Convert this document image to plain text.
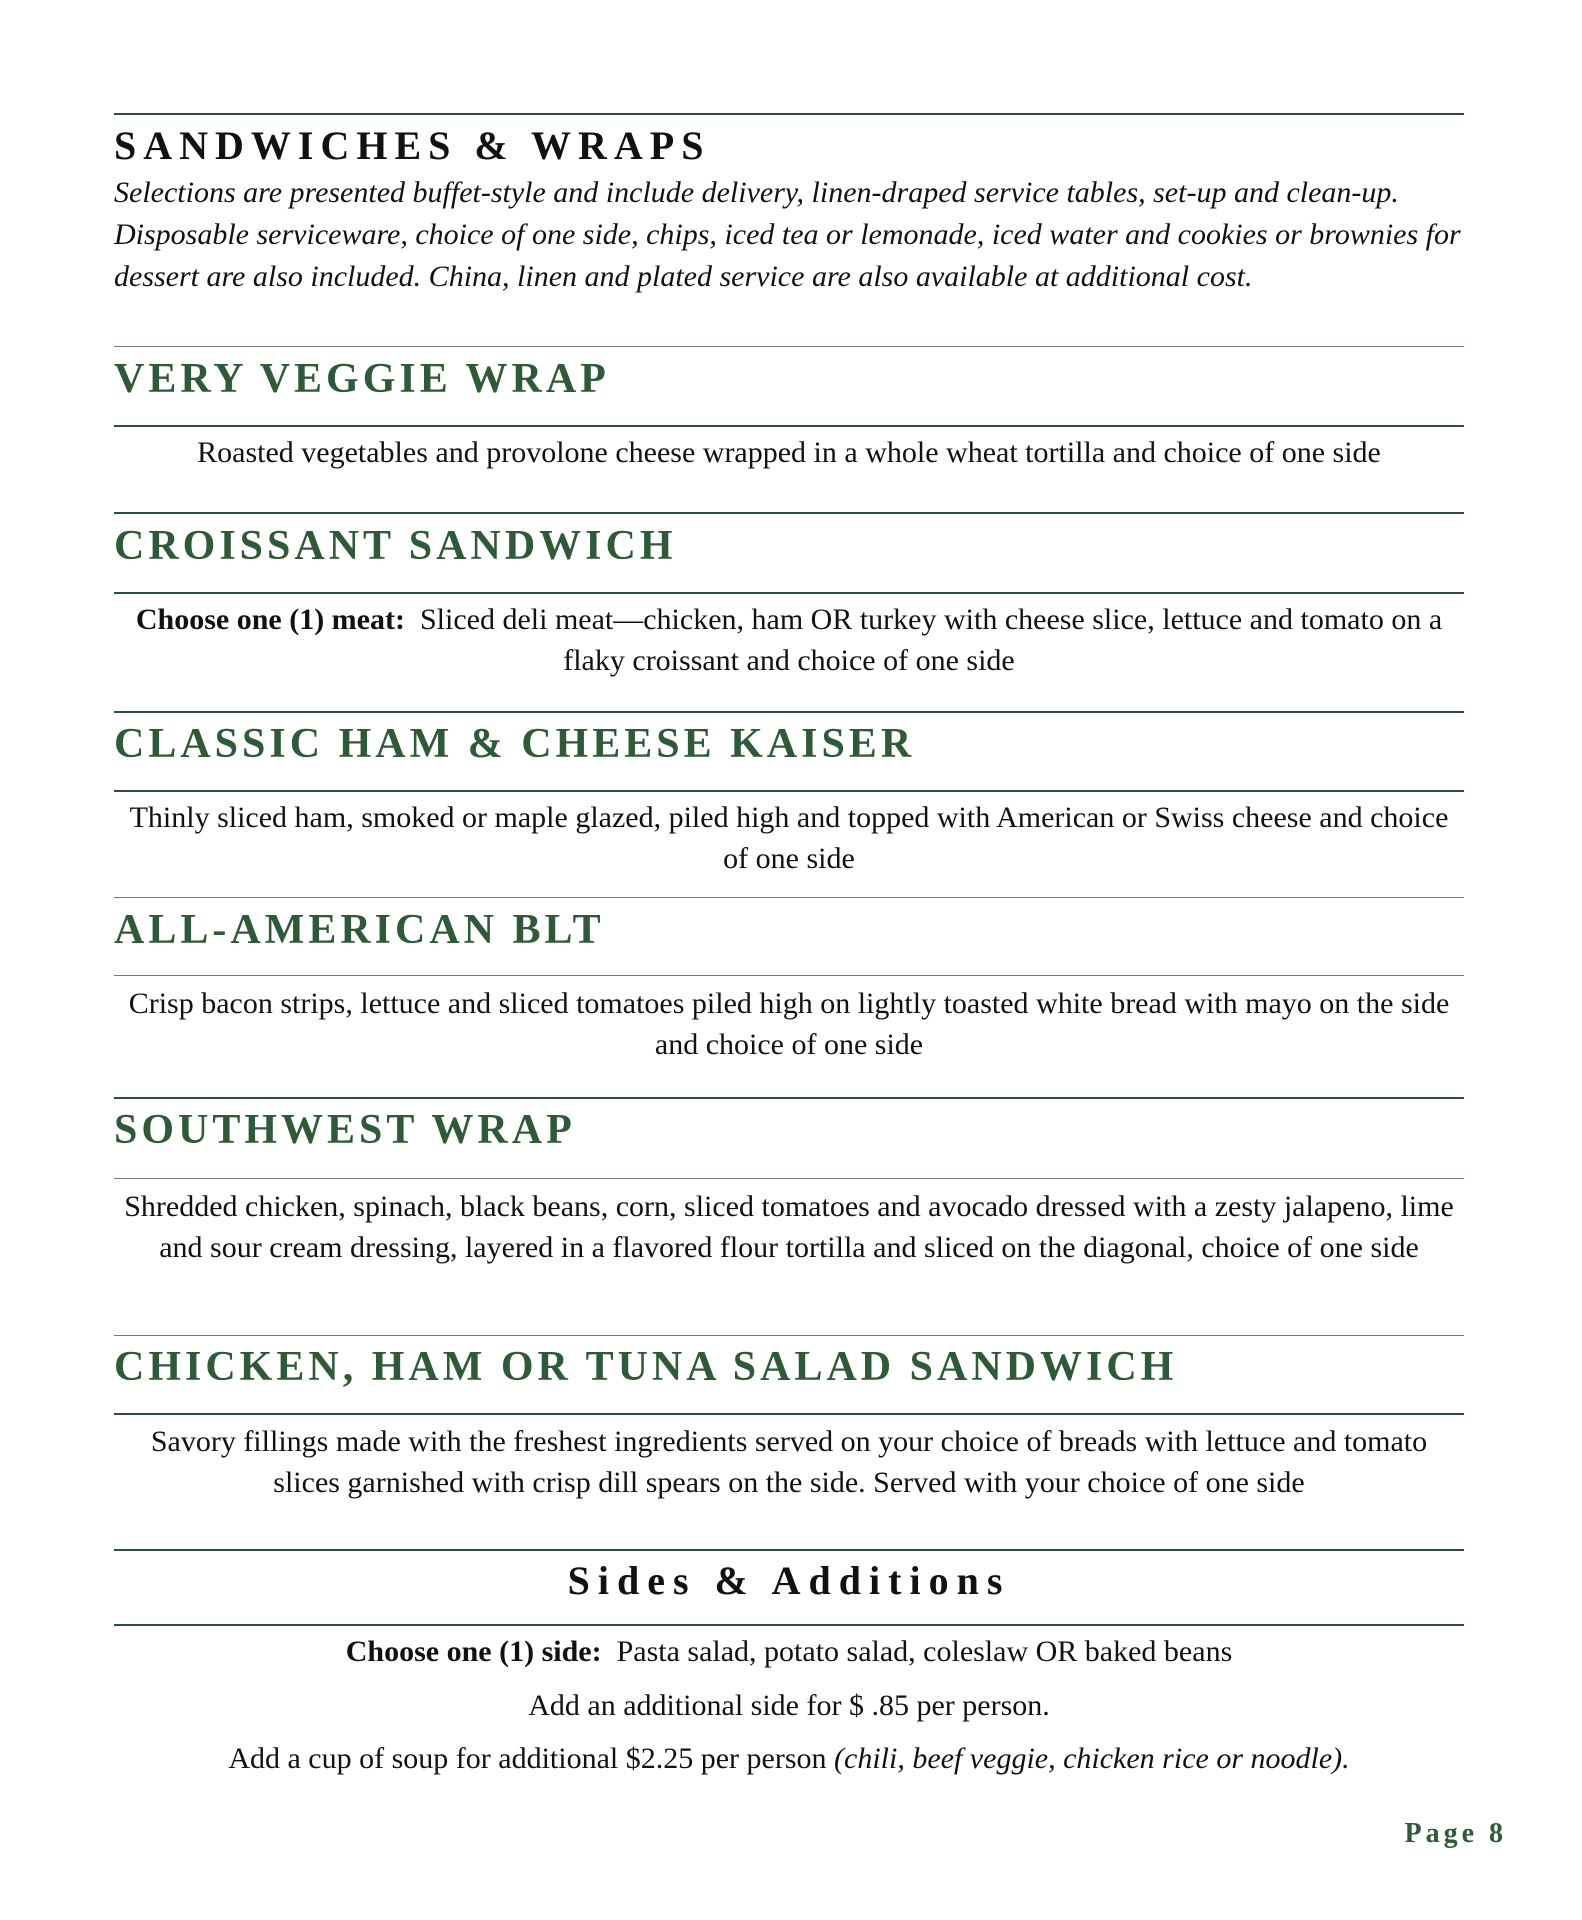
SANDWICHES & WRAPS
Selections are presented buffet-style and include delivery, linen-draped service tables, set-up and clean-up. Disposable serviceware, choice of one side, chips, iced tea or lemonade, iced water and cookies or brownies for dessert are also included. China, linen and plated service are also available at additional cost.
VERY VEGGIE WRAP
Roasted vegetables and provolone cheese wrapped in a whole wheat tortilla and choice of one side
CROISSANT SANDWICH
Choose one (1) meat: Sliced deli meat—chicken, ham OR turkey with cheese slice, lettuce and tomato on a flaky croissant and choice of one side
CLASSIC HAM & CHEESE KAISER
Thinly sliced ham, smoked or maple glazed, piled high and topped with American or Swiss cheese and choice of one side
ALL-AMERICAN BLT
Crisp bacon strips, lettuce and sliced tomatoes piled high on lightly toasted white bread with mayo on the side and choice of one side
SOUTHWEST WRAP
Shredded chicken, spinach, black beans, corn, sliced tomatoes and avocado dressed with a zesty jalapeno, lime and sour cream dressing, layered in a flavored flour tortilla and sliced on the diagonal, choice of one side
CHICKEN, HAM OR TUNA SALAD SANDWICH
Savory fillings made with the freshest ingredients served on your choice of breads with lettuce and tomato slices garnished with crisp dill spears on the side. Served with your choice of one side
Sides & Additions
Choose one (1) side: Pasta salad, potato salad, coleslaw OR baked beans
Add an additional side for $ .85 per person.
Add a cup of soup for additional $2.25 per person (chili, beef veggie, chicken rice or noodle).
Page 8
